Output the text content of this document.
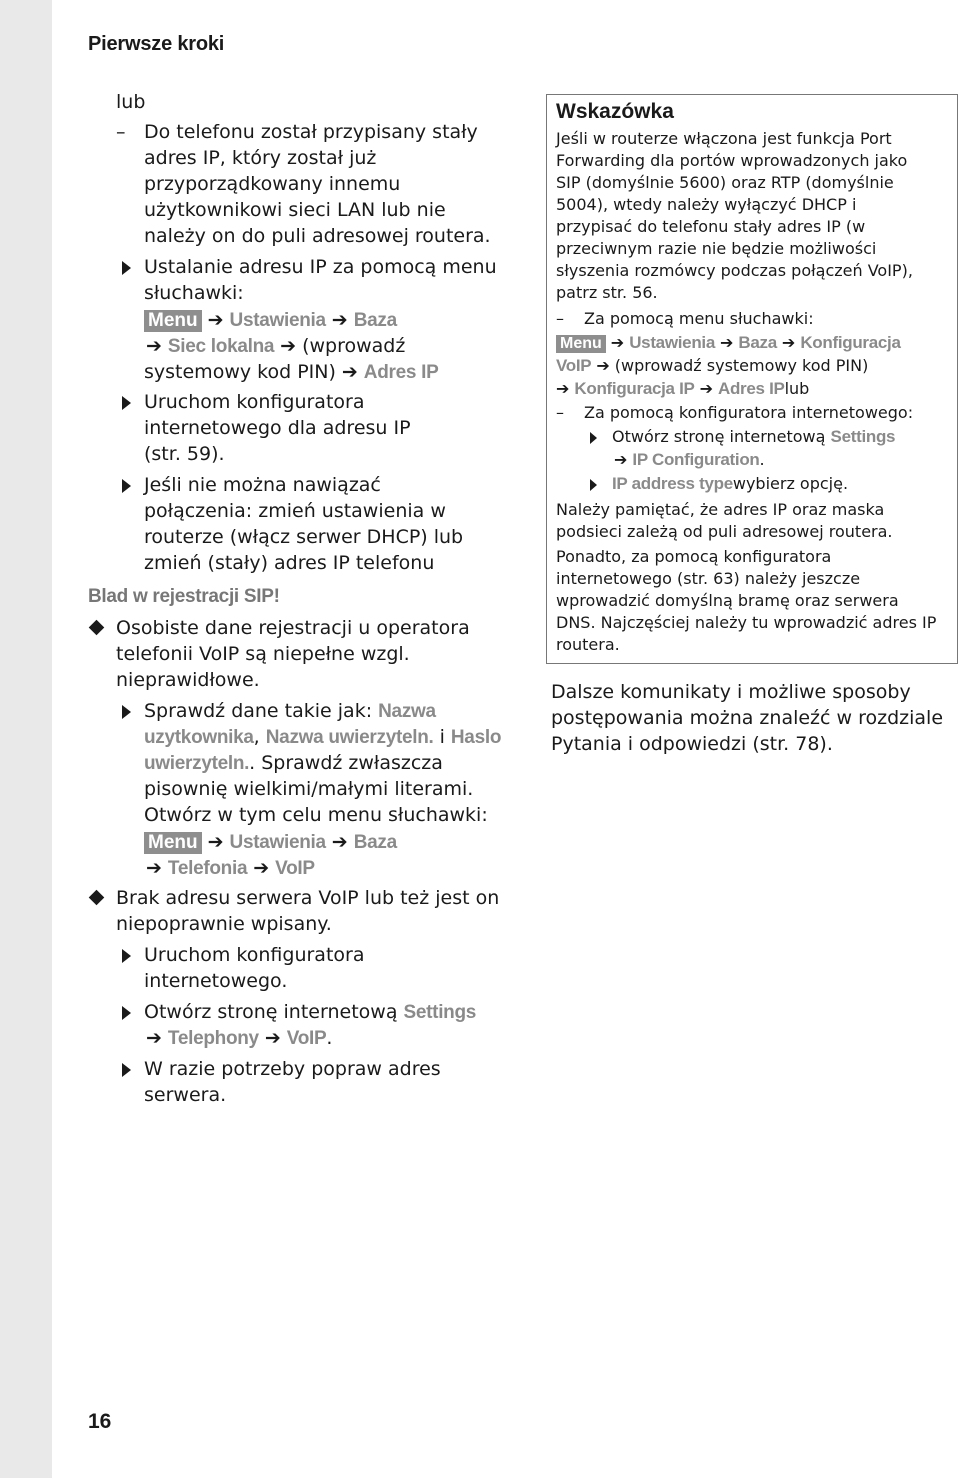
Pierwsze kroki
lub
– Do telefonu został przypisany stały
adres IP, który został już
przyporządkowany innemu
użytkownikowi sieci LAN lub nie
należy on do puli adresowej routera.
Ustalanie adresu IP za pomocą menu
słuchawki:
Menu ➔ Ustawienia ➔ Baza
➔ Siec lokalna ➔ (wprowadź
systemowy kod PIN) ➔ Adres IP
Uruchom konfiguratora
internetowego dla adresu IP
(str. 59).
Jeśli nie można nawiązać
połączenia: zmień ustawienia w
routerze (włącz serwer DHCP) lub
zmień (stały) adres IP telefonu
Blad w rejestracji SIP!
Osobiste dane rejestracji u operatora
telefonii VoIP są niepełne wzgl.
nieprawidłowe.
Sprawdź dane takie jak: Nazwa
uzytkownika, Nazwa uwierzyteln. i Haslo
uwierzyteln.. Sprawdź zwłaszcza
pisownię wielkimi/małymi literami.
Otwórz w tym celu menu słuchawki:
Menu ➔ Ustawienia ➔ Baza
➔ Telefonia ➔ VoIP
Brak adresu serwera VoIP lub też jest on
niepoprawnie wpisany.
Uruchom konfiguratora
internetowego.
Otwórz stronę internetową Settings
➔ Telephony ➔ VoIP.
W razie potrzeby popraw adres
serwera.
Wskazówka
Jeśli w routerze włączona jest funkcja Port
Forwarding dla portów wprowadzonych jako
SIP (domyślnie 5600) oraz RTP (domyślnie
5004), wtedy należy wyłączyć DHCP i
przypisać do telefonu stały adres IP (w
przeciwnym razie nie będzie możliwości
słyszenia rozmówcy podczas połączeń VoIP),
patrz str. 56.
– Za pomocą menu słuchawki:
Menu ➔ Ustawienia ➔ Baza ➔ Konfiguracja
VoIP ➔ (wprowadź systemowy kod PIN)
➔ Konfiguracja IP ➔ Adres IPlub
– Za pomocą konfiguratora internetowego:
Otwórz stronę internetową Settings
➔ IP Configuration.
IP address typewybierz opcję.
Należy pamiętać, że adres IP oraz maska
podsieci zależą od puli adresowej routera.
Ponadto, za pomocą konfiguratora
internetowego (str. 63) należy jeszcze
wprowadzić domyślną bramę oraz serwera
DNS. Najczęściej należy tu wprowadzić adres IP
routera.
Dalsze komunikaty i możliwe sposoby
postępowania można znaleźć w rozdziale
Pytania i odpowiedzi (str. 78).
16
